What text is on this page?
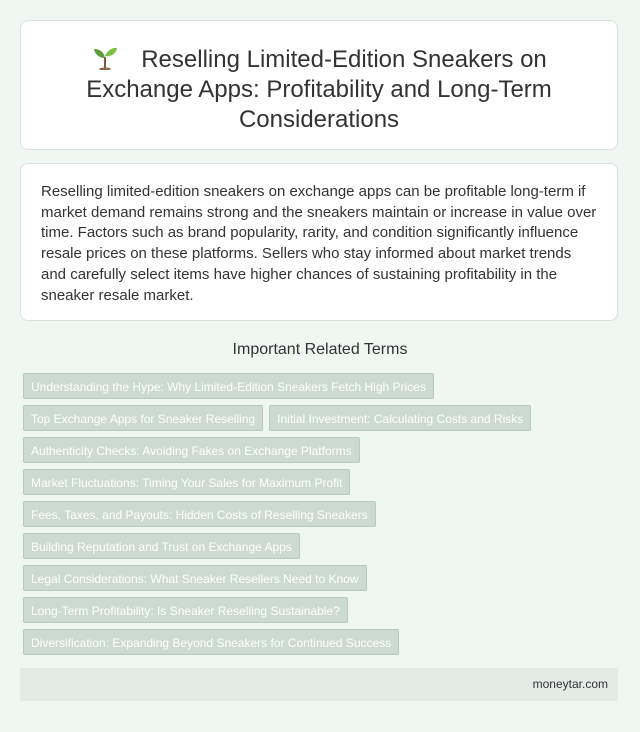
Reselling Limited-Edition Sneakers on Exchange Apps: Profitability and Long-Term Considerations

Reselling limited-edition sneakers on exchange apps can be profitable long-term if market demand remains strong and the sneakers maintain or increase in value over time. Factors such as brand popularity, rarity, and condition significantly influence resale prices on these platforms. Sellers who stay informed about market trends and carefully select items have higher chances of sustaining profitability in the sneaker resale market.

Important Related Terms
Understanding the Hype: Why Limited-Edition Sneakers Fetch High Prices
Top Exchange Apps for Sneaker Reselling	Initial Investment: Calculating Costs and Risks
Authenticity Checks: Avoiding Fakes on Exchange Platforms
Market Fluctuations: Timing Your Sales for Maximum Profit
Fees, Taxes, and Payouts: Hidden Costs of Reselling Sneakers
Building Reputation and Trust on Exchange Apps
Legal Considerations: What Sneaker Resellers Need to Know
Long-Term Profitability: Is Sneaker Reselling Sustainable?
Diversification: Expanding Beyond Sneakers for Continued Success
moneytar.com
